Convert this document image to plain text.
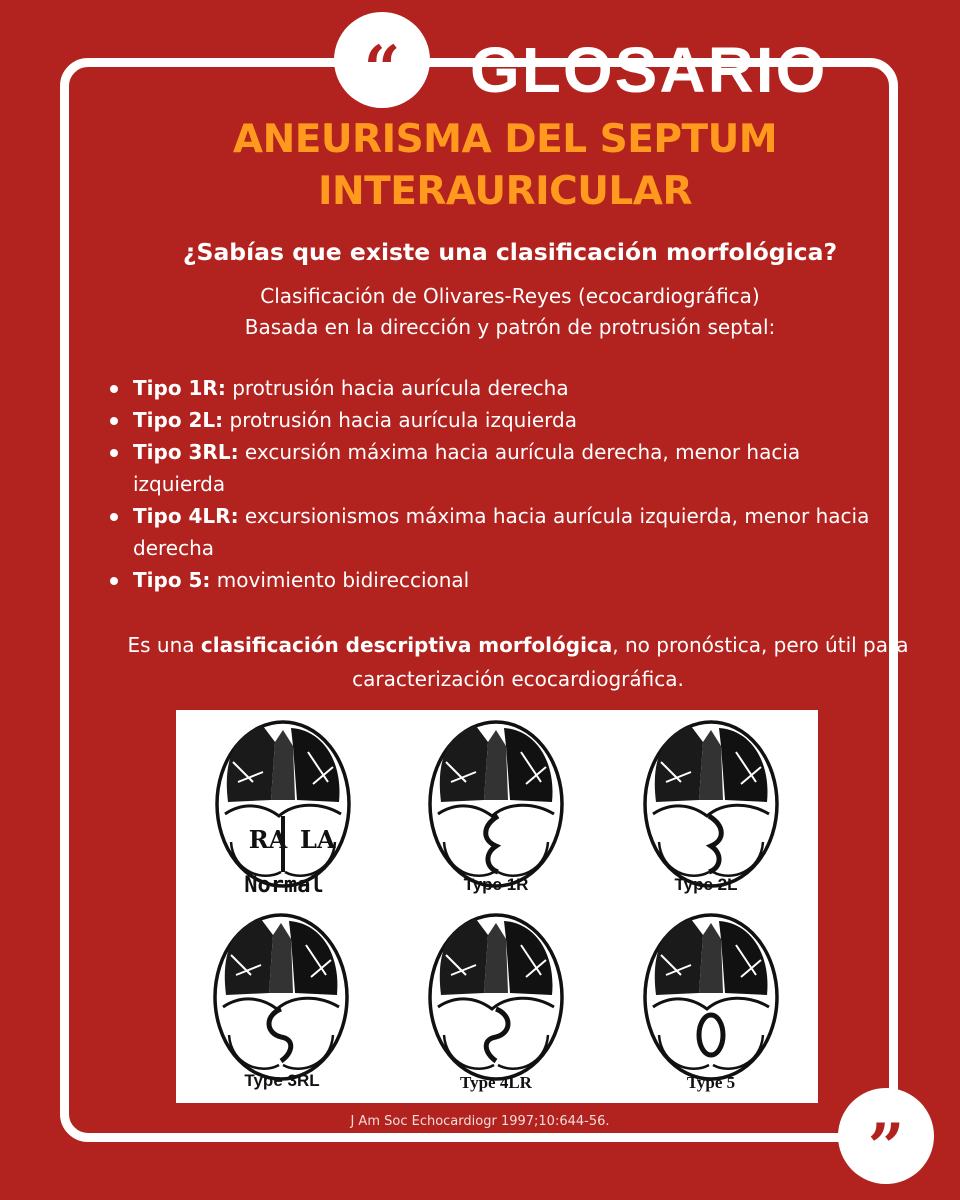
“ GLOSARIO
ANEURISMA DEL SEPTUM
INTERAURICULAR
¿Sabías que existe una clasificación morfológica?
Clasificación de Olivares-Reyes (ecocardiográfica)
Basada en la dirección y patrón de protrusión septal:
Tipo 1R: protrusión hacia aurícula derecha
Tipo 2L: protrusión hacia aurícula izquierda
Tipo 3RL: excursión máxima hacia aurícula derecha, menor hacia izquierda
Tipo 4LR: excursionismos máxima hacia aurícula izquierda, menor hacia derecha
Tipo 5: movimiento bidireccional
Es una clasificación descriptiva morfológica, no pronóstica, pero útil para caracterización ecocardiográfica.
RA LA
Normal	Type 1R	Type 2L
Type 3RL	Type 4LR	Type 5
J Am Soc Echocardiogr 1997;10:644-56.	”
